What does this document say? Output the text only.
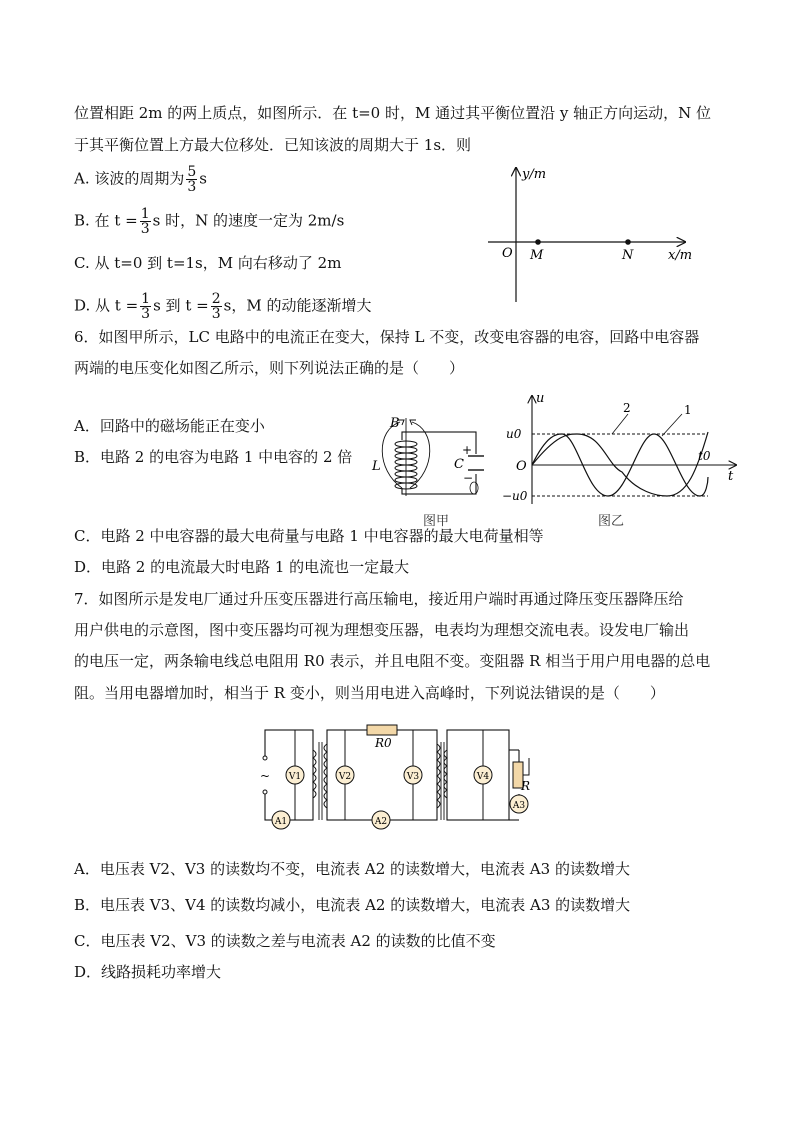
位置相距 2m 的两上质点，如图所示．在 t=0 时，M 通过其平衡位置沿 y 轴正方向运动，N 位
于其平衡位置上方最大位移处．已知该波的周期大于 1s．则
A. 该波的周期为 $\frac{5}{3}$ s
B. 在 $t = \frac{1}{3}$ s 时，N 的速度一定为 2m/s
C. 从 t=0 到 t=1s，M 向右移动了 2m
D. 从 $t = \frac{1}{3}$ s 到 $t = \frac{2}{3}$ s，M 的动能逐渐增大
y/m
x/m
O M	N
6．如图甲所示，LC 电路中的电流正在变大，保持 L 不变，改变电容器的电容，回路中电容器
两端的电压变化如图乙所示，则下列说法正确的是（　　）
A．回路中的磁场能正在变小
B．电路 2 的电容为电路 1 中电容的 2 倍
B
L	C
+
−
图甲
2	1
u
u0
O
−u0
t0
t
图乙
C．电路 2 中电容器的最大电荷量与电路 1 中电容器的最大电荷量相等
D．电路 2 的电流最大时电路 1 的电流也一定最大
7．如图所示是发电厂通过升压变压器进行高压输电，接近用户端时再通过降压变压器降压给
用户供电的示意图，图中变压器均可视为理想变压器，电表均为理想交流电表。设发电厂输出
的电压一定，两条输电线总电阻用 R0 表示，并且电阻不变。变阻器 R 相当于用户用电器的总电
阻。当用电器增加时，相当于 R 变小，则当用电进入高峰时，下列说法错误的是（　　）
~ V1	V2	V3	V4
A1	A2
A3
R0
R
A．电压表 V2、V3 的读数均不变，电流表 A2 的读数增大，电流表 A3 的读数增大
B．电压表 V3、V4 的读数均减小，电流表 A2 的读数增大，电流表 A3 的读数增大
C．电压表 V2、V3 的读数之差与电流表 A2 的读数的比值不变
D．线路损耗功率增大
